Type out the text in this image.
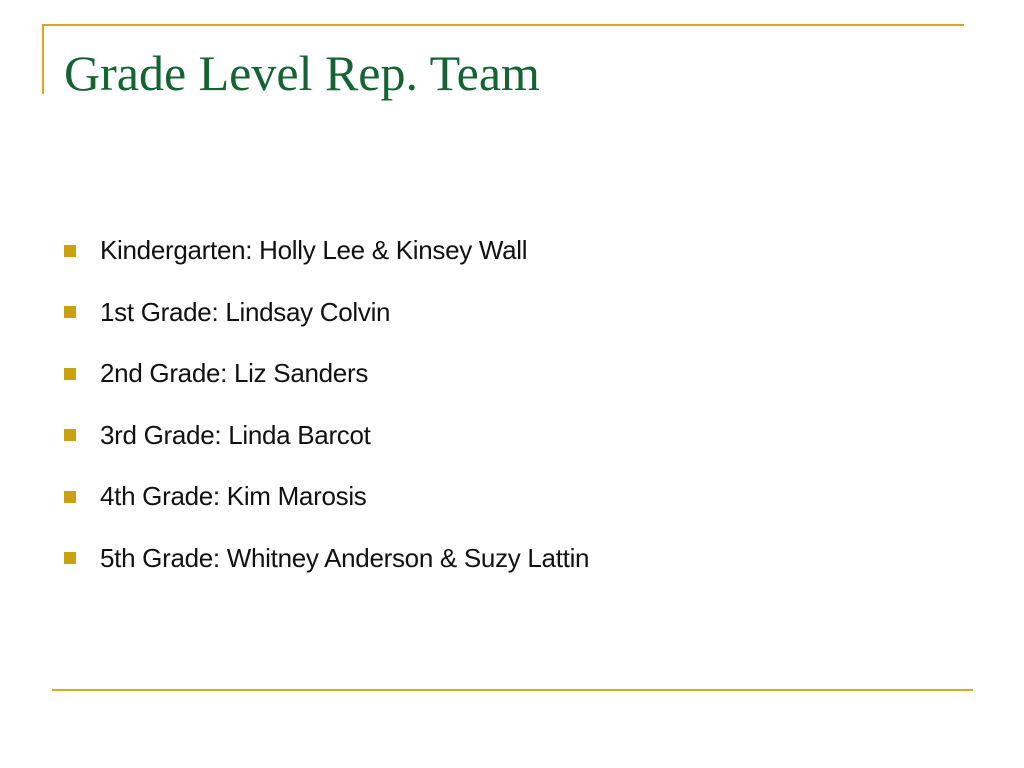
Grade Level Rep. Team
Kindergarten: Holly Lee & Kinsey Wall
1st Grade: Lindsay Colvin
2nd Grade: Liz Sanders
3rd Grade: Linda Barcot
4th Grade: Kim Marosis
5th Grade: Whitney Anderson & Suzy Lattin
